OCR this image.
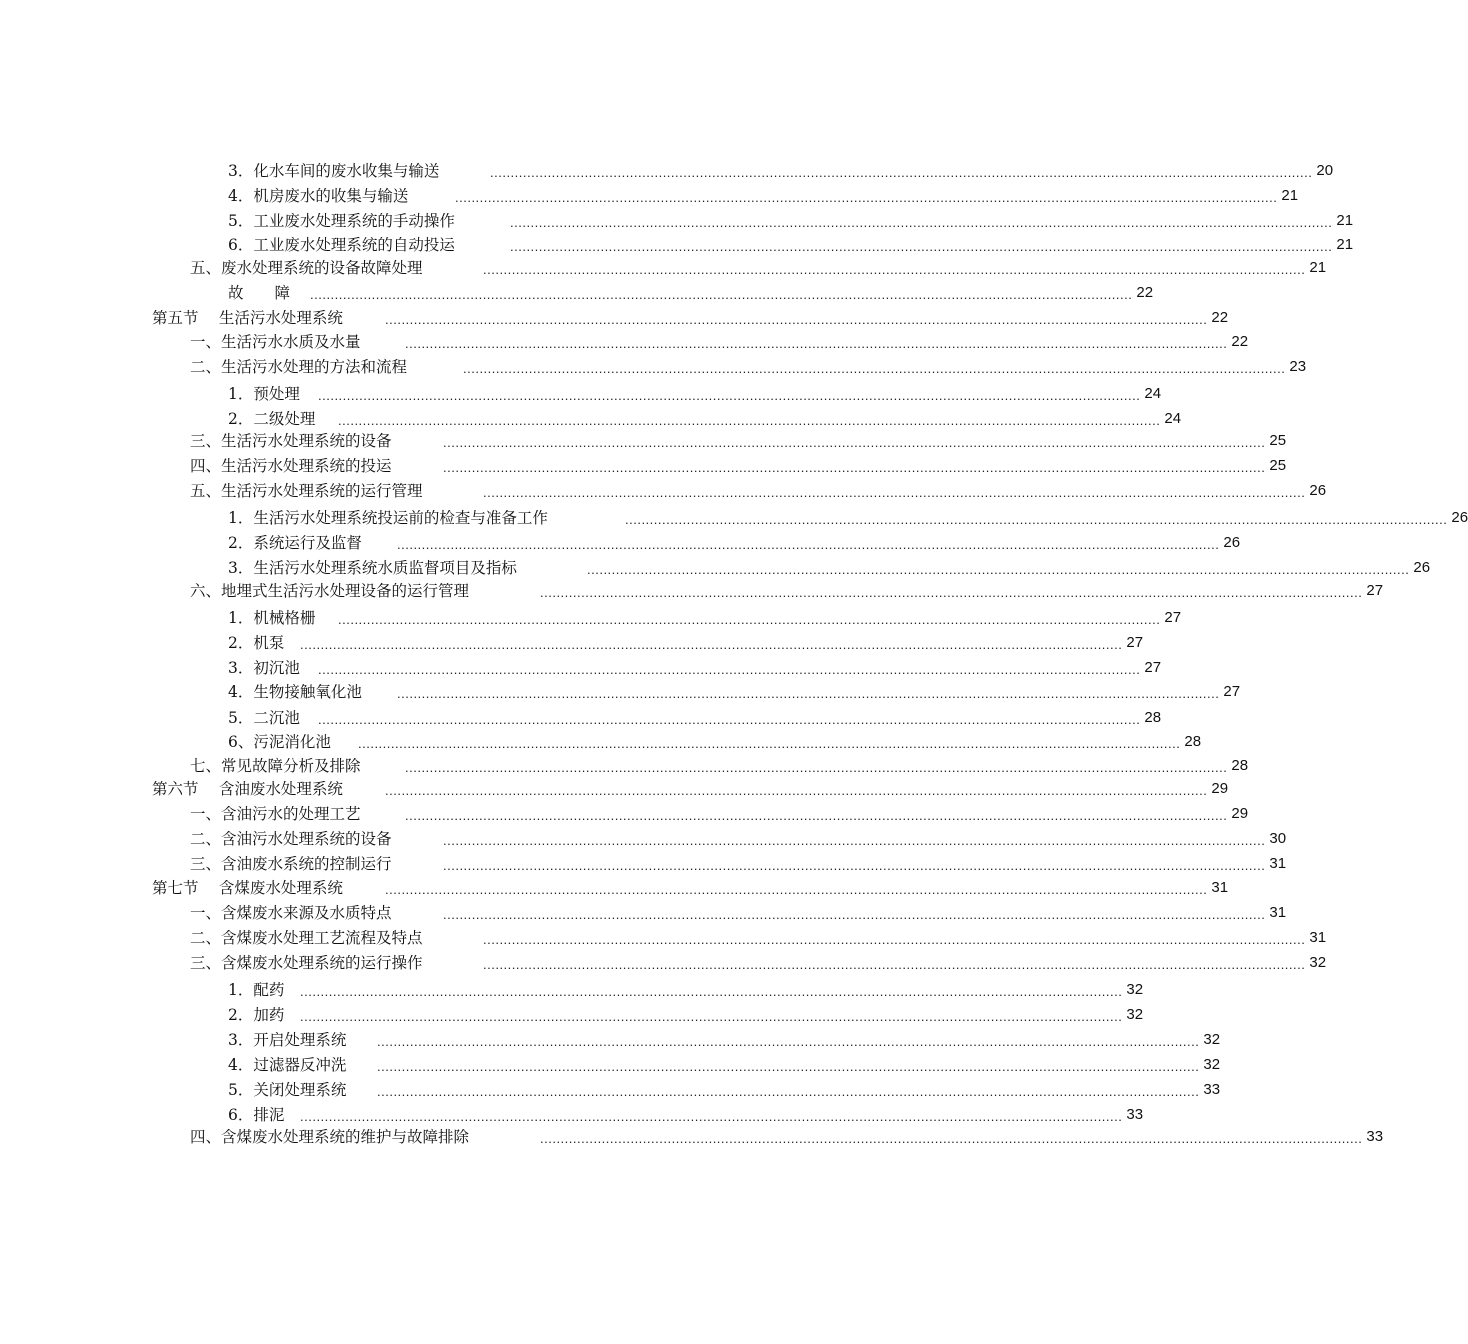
3．化水车间的废水收集与输送	........................................................................................................................................................................................................ 20
4．机房废水的收集与输送	........................................................................................................................................................................................................ 21
5．工业废水处理系统的手动操作	........................................................................................................................................................................................................ 21
6．工业废水处理系统的自动投运	........................................................................................................................................................................................................ 21
五、废水处理系统的设备故障处理	........................................................................................................................................................................................................ 21
故　　障	........................................................................................................................................................................................................ 22
第五节　 生活污水处理系统	........................................................................................................................................................................................................ 22
一、生活污水水质及水量	........................................................................................................................................................................................................ 22
二、生活污水处理的方法和流程	........................................................................................................................................................................................................ 23
1．预处理	........................................................................................................................................................................................................ 24
2．二级处理	........................................................................................................................................................................................................ 24
三、生活污水处理系统的设备	........................................................................................................................................................................................................ 25
四、生活污水处理系统的投运	........................................................................................................................................................................................................ 25
五、生活污水处理系统的运行管理	........................................................................................................................................................................................................ 26
1．生活污水处理系统投运前的检查与准备工作	........................................................................................................................................................................................................ 26
2．系统运行及监督	........................................................................................................................................................................................................ 26
3．生活污水处理系统水质监督项目及指标	........................................................................................................................................................................................................ 26
六、地埋式生活污水处理设备的运行管理	........................................................................................................................................................................................................ 27
1．机械格栅	........................................................................................................................................................................................................ 27
2．机泵	........................................................................................................................................................................................................ 27
3．初沉池	........................................................................................................................................................................................................ 27
4．生物接触氧化池	........................................................................................................................................................................................................ 27
5．二沉池	........................................................................................................................................................................................................ 28
6、污泥消化池	........................................................................................................................................................................................................ 28
七、常见故障分析及排除	........................................................................................................................................................................................................ 28
第六节　 含油废水处理系统	........................................................................................................................................................................................................ 29
一、含油污水的处理工艺	........................................................................................................................................................................................................ 29
二、含油污水处理系统的设备	........................................................................................................................................................................................................ 30
三、含油废水系统的控制运行	........................................................................................................................................................................................................ 31
第七节　 含煤废水处理系统	........................................................................................................................................................................................................ 31
一、含煤废水来源及水质特点	........................................................................................................................................................................................................ 31
二、含煤废水处理工艺流程及特点	........................................................................................................................................................................................................ 31
三、含煤废水处理系统的运行操作	........................................................................................................................................................................................................ 32
1．配药	........................................................................................................................................................................................................ 32
2．加药	........................................................................................................................................................................................................ 32
3．开启处理系统	........................................................................................................................................................................................................ 32
4．过滤器反冲洗	........................................................................................................................................................................................................ 32
5．关闭处理系统	........................................................................................................................................................................................................ 33
6．排泥	........................................................................................................................................................................................................ 33
四、含煤废水处理系统的维护与故障排除	........................................................................................................................................................................................................ 33
